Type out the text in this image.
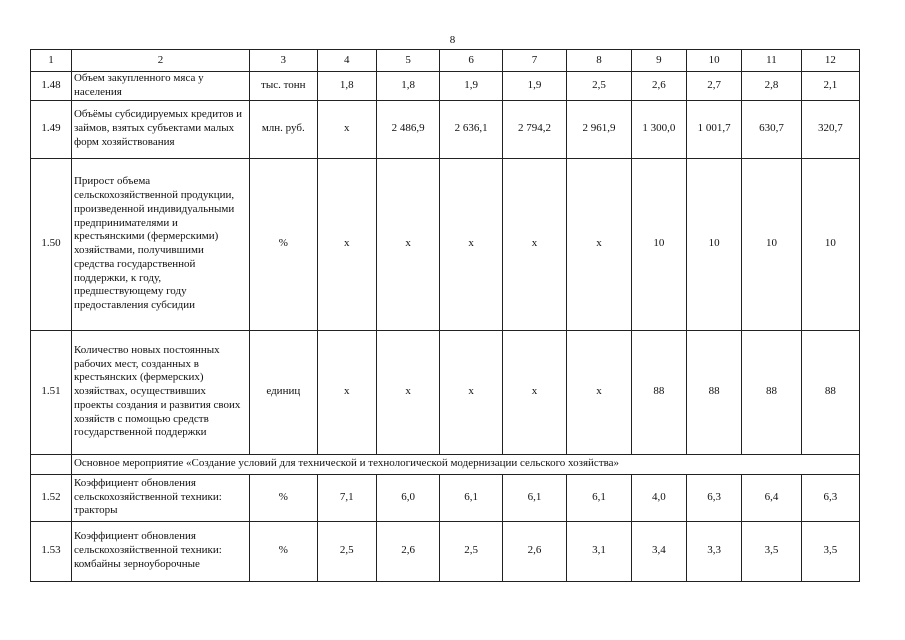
8
1	2	3	4	5	6	7	8	9	10	11	12
1.48	Объем закупленного мяса у населения	тыс. тонн	1,8	1,8	1,9	1,9	2,5	2,6	2,7	2,8	2,1
1.49	Объёмы субсидируемых кредитов и займов, взятых субъектами малых форм хозяйствования	млн. руб.	x	2 486,9	2 636,1	2 794,2	2 961,9	1 300,0	1 001,7	630,7	320,7
1.50	Прирост объема сельскохозяйственной продукции, произведенной индивидуальными предпринимателями и крестьянскими (фермерскими) хозяйствами, получившими средства государственной поддержки, к году, предшествующему году предоставления субсидии	%	x	x	x	x	x	10	10	10	10
1.51	Количество новых постоянных рабочих мест, созданных в крестьянских (фермерских) хозяйствах, осуществивших проекты создания и развития своих хозяйств с помощью средств государственной поддержки	единиц	x	x	x	x	x	88	88	88	88
	Основное мероприятие «Создание условий для технической и технологической модернизации сельского хозяйства»										
1.52	Коэффициент обновления сельскохозяйственной техники: тракторы	%	7,1	6,0	6,1	6,1	6,1	4,0	6,3	6,4	6,3
1.53	Коэффициент обновления сельскохозяйственной техники: комбайны зерноуборочные	%	2,5	2,6	2,5	2,6	3,1	3,4	3,3	3,5	3,5
